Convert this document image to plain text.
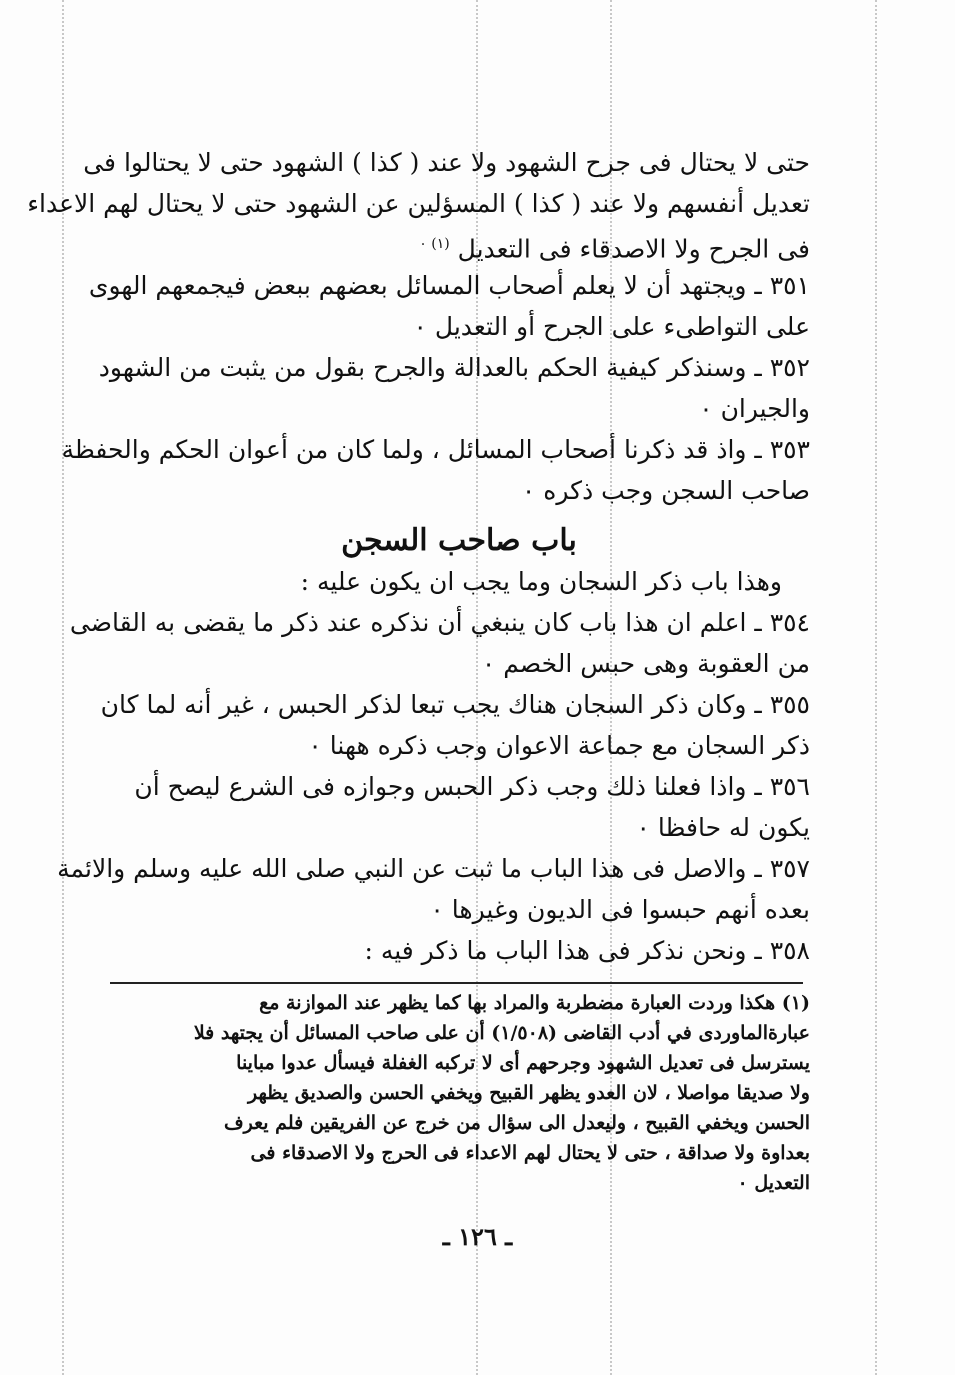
حتى لا يحتال فى جرح الشهود ولا عند ( كذا ) الشهود حتى لا يحتالوا فى
تعديل أنفسهم ولا عند ( كذا ) المسؤلين عن الشهود حتى لا يحتال لهم الاعداء
فى الجرح ولا الاصدقاء فى التعديل $^{(١) ٠}$
٣٥١ ـ ويجتهد أن لا يعلم أصحاب المسائل بعضهم ببعض فيجمعهم الهوى
على التواطىء على الجرح أو التعديل ٠
٣٥٢ ـ وسنذكر كيفية الحكم بالعدالة والجرح بقول من يثبت من الشهود
والجيران ٠
٣٥٣ ـ واذ قد ذكرنا أصحاب المسائل ، ولما كان من أعوان الحكم والحفظة
صاحب السجن وجب ذكره ٠
باب صاحب السجن
وهذا باب ذكر السجان وما يجب ان يكون عليه :
٣٥٤ ـ اعلم ان هذا باب كان ينبغي أن نذكره عند ذكر ما يقضى به القاضى
من العقوبة وهى حبس الخصم ٠
٣٥٥ ـ وكان ذكر السجان هناك يجب تبعا لذكر الحبس ، غير أنه لما كان
ذكر السجان مع جماعة الاعوان وجب ذكره ههنا ٠
٣٥٦ ـ واذا فعلنا ذلك وجب ذكر الحبس وجوازه فى الشرع ليصح أن
يكون له حافظا ٠
٣٥٧ ـ والاصل فى هذا الباب ما ثبت عن النبي صلى الله عليه وسلم والائمة
بعده أنهم حبسوا فى الديون وغيرها ٠
٣٥٨ ـ ونحن نذكر فى هذا الباب ما ذكر فيه :
(١) هكذا وردت العبارة مضطربة والمراد بها كما يظهر عند الموازنة مع
عبارةالماوردى في أدب القاضى (١/٥٠٨) أن على صاحب المسائل أن يجتهد فلا
يسترسل فى تعديل الشهود وجرحهم أى لا تركبه الغفلة فيسأل عدوا مباينا
ولا صديقا مواصلا ، لان العدو يظهر القبيح ويخفي الحسن والصديق يظهر
الحسن ويخفي القبيح ، وليعدل الى سؤال من خرج عن الفريقين فلم يعرف
بعداوة ولا صداقة ، حتى لا يحتال لهم الاعداء فى الحرج ولا الاصدقاء فى
التعديل ٠
ـ ١٢٦ ـ
